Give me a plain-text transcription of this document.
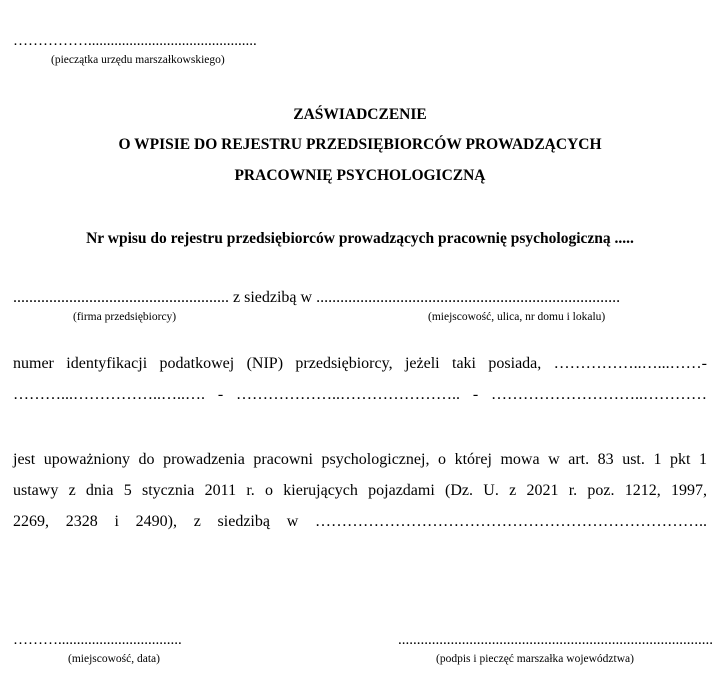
…………….............................................
(pieczątka urzędu marszałkowskiego)
ZAŚWIADCZENIE
O WPISIE DO REJESTRU PRZEDSIĘBIORCÓW PROWADZĄCYCH
PRACOWNIĘ PSYCHOLOGICZNĄ
Nr wpisu do rejestru przedsiębiorców prowadzących pracownię psychologiczną .....
...................................................... z siedzibą w ............................................................................
(firma przedsiębiorcy)	(miejscowość, ulica, nr domu i lokalu)
numer identyfikacji podatkowej (NIP) przedsiębiorcy, jeżeli taki posiada, ……………..…...……-
………...……………..…..…. - ………………..………………….. - ………………………..…………
jest upoważniony do prowadzenia pracowni psychologicznej, o której mowa w art. 83 ust. 1 pkt 1
ustawy z dnia 5 stycznia 2011 r. o kierujących pojazdami (Dz. U. z 2021 r. poz. 1212, 1997,
2269, 2328 i 2490), z siedzibą w ………………………………………………………………..
……….................................
(miejscowość, data)
....................................................................................
(podpis i pieczęć marszałka województwa)
